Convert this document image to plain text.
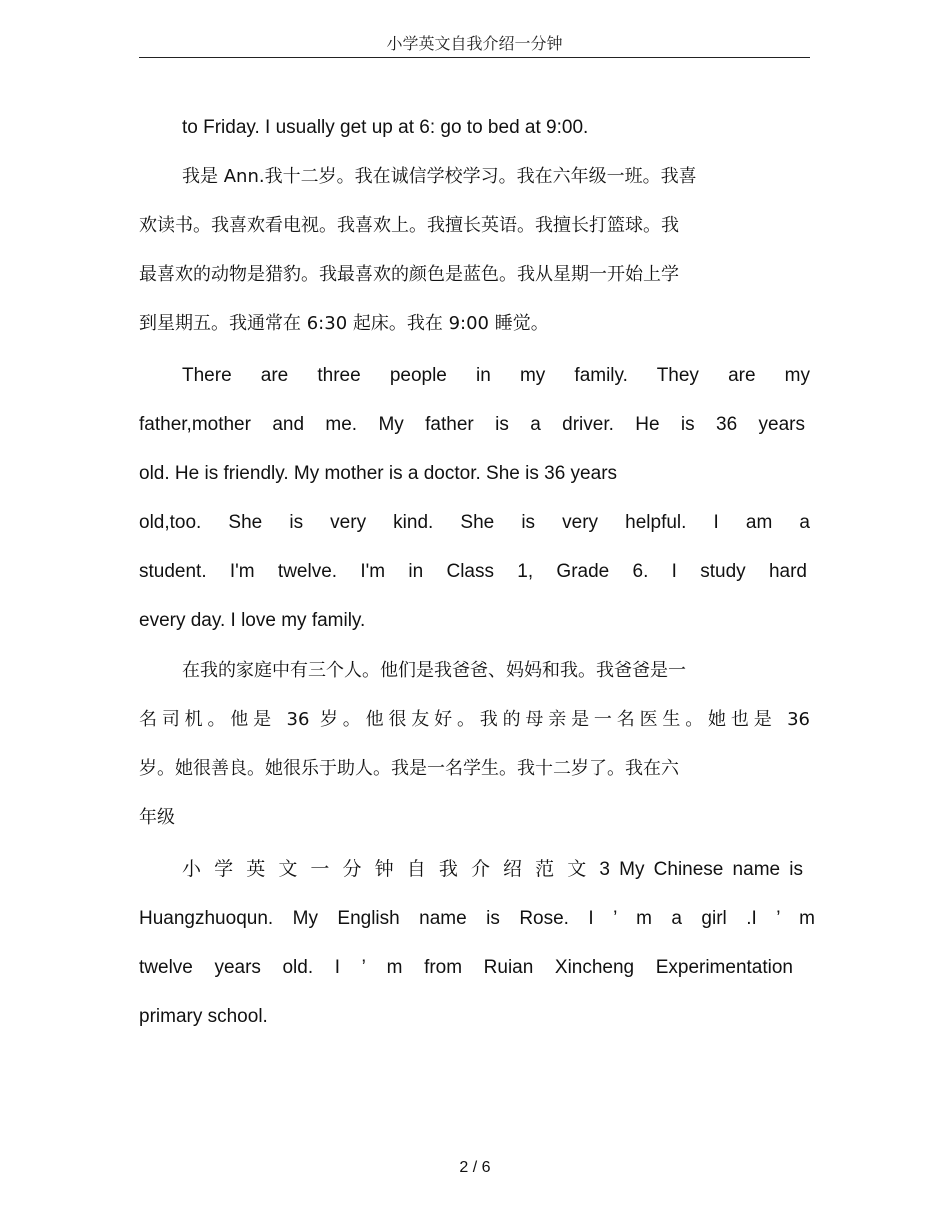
小学英文自我介绍一分钟
to Friday. I usually get up at 6: go to bed at 9:00.
我是 Ann.我十二岁。我在诚信学校学习。我在六年级一班。我喜
欢读书。我喜欢看电视。我喜欢上。我擅长英语。我擅长打篮球。我
最喜欢的动物是猎豹。我最喜欢的颜色是蓝色。我从星期一开始上学
到星期五。我通常在 6:30 起床。我在 9:00 睡觉。
There are three people in my family. They are my
father,mother and me. My father is a driver. He is 36 years
old. He is friendly. My mother is a doctor. She is 36 years
old,too. She is very kind. She is very helpful. I am a
student. I'm twelve. I'm in Class 1, Grade 6. I study hard
every day. I love my family.
在我的家庭中有三个人。他们是我爸爸、妈妈和我。我爸爸是一
名司机。他是 36 岁。他很友好。我的母亲是一名医生。她也是 36
岁。她很善良。她很乐于助人。我是一名学生。我十二岁了。我在六
年级
小 学 英 文 一 分 钟 自 我 介 绍 范 文 3 My Chinese name is
Huangzhuoqun. My English name is Rose. I ’ m a girl .I ’ m
twelve years old. I ’ m from Ruian Xincheng Experimentation
primary school.
2 / 6
